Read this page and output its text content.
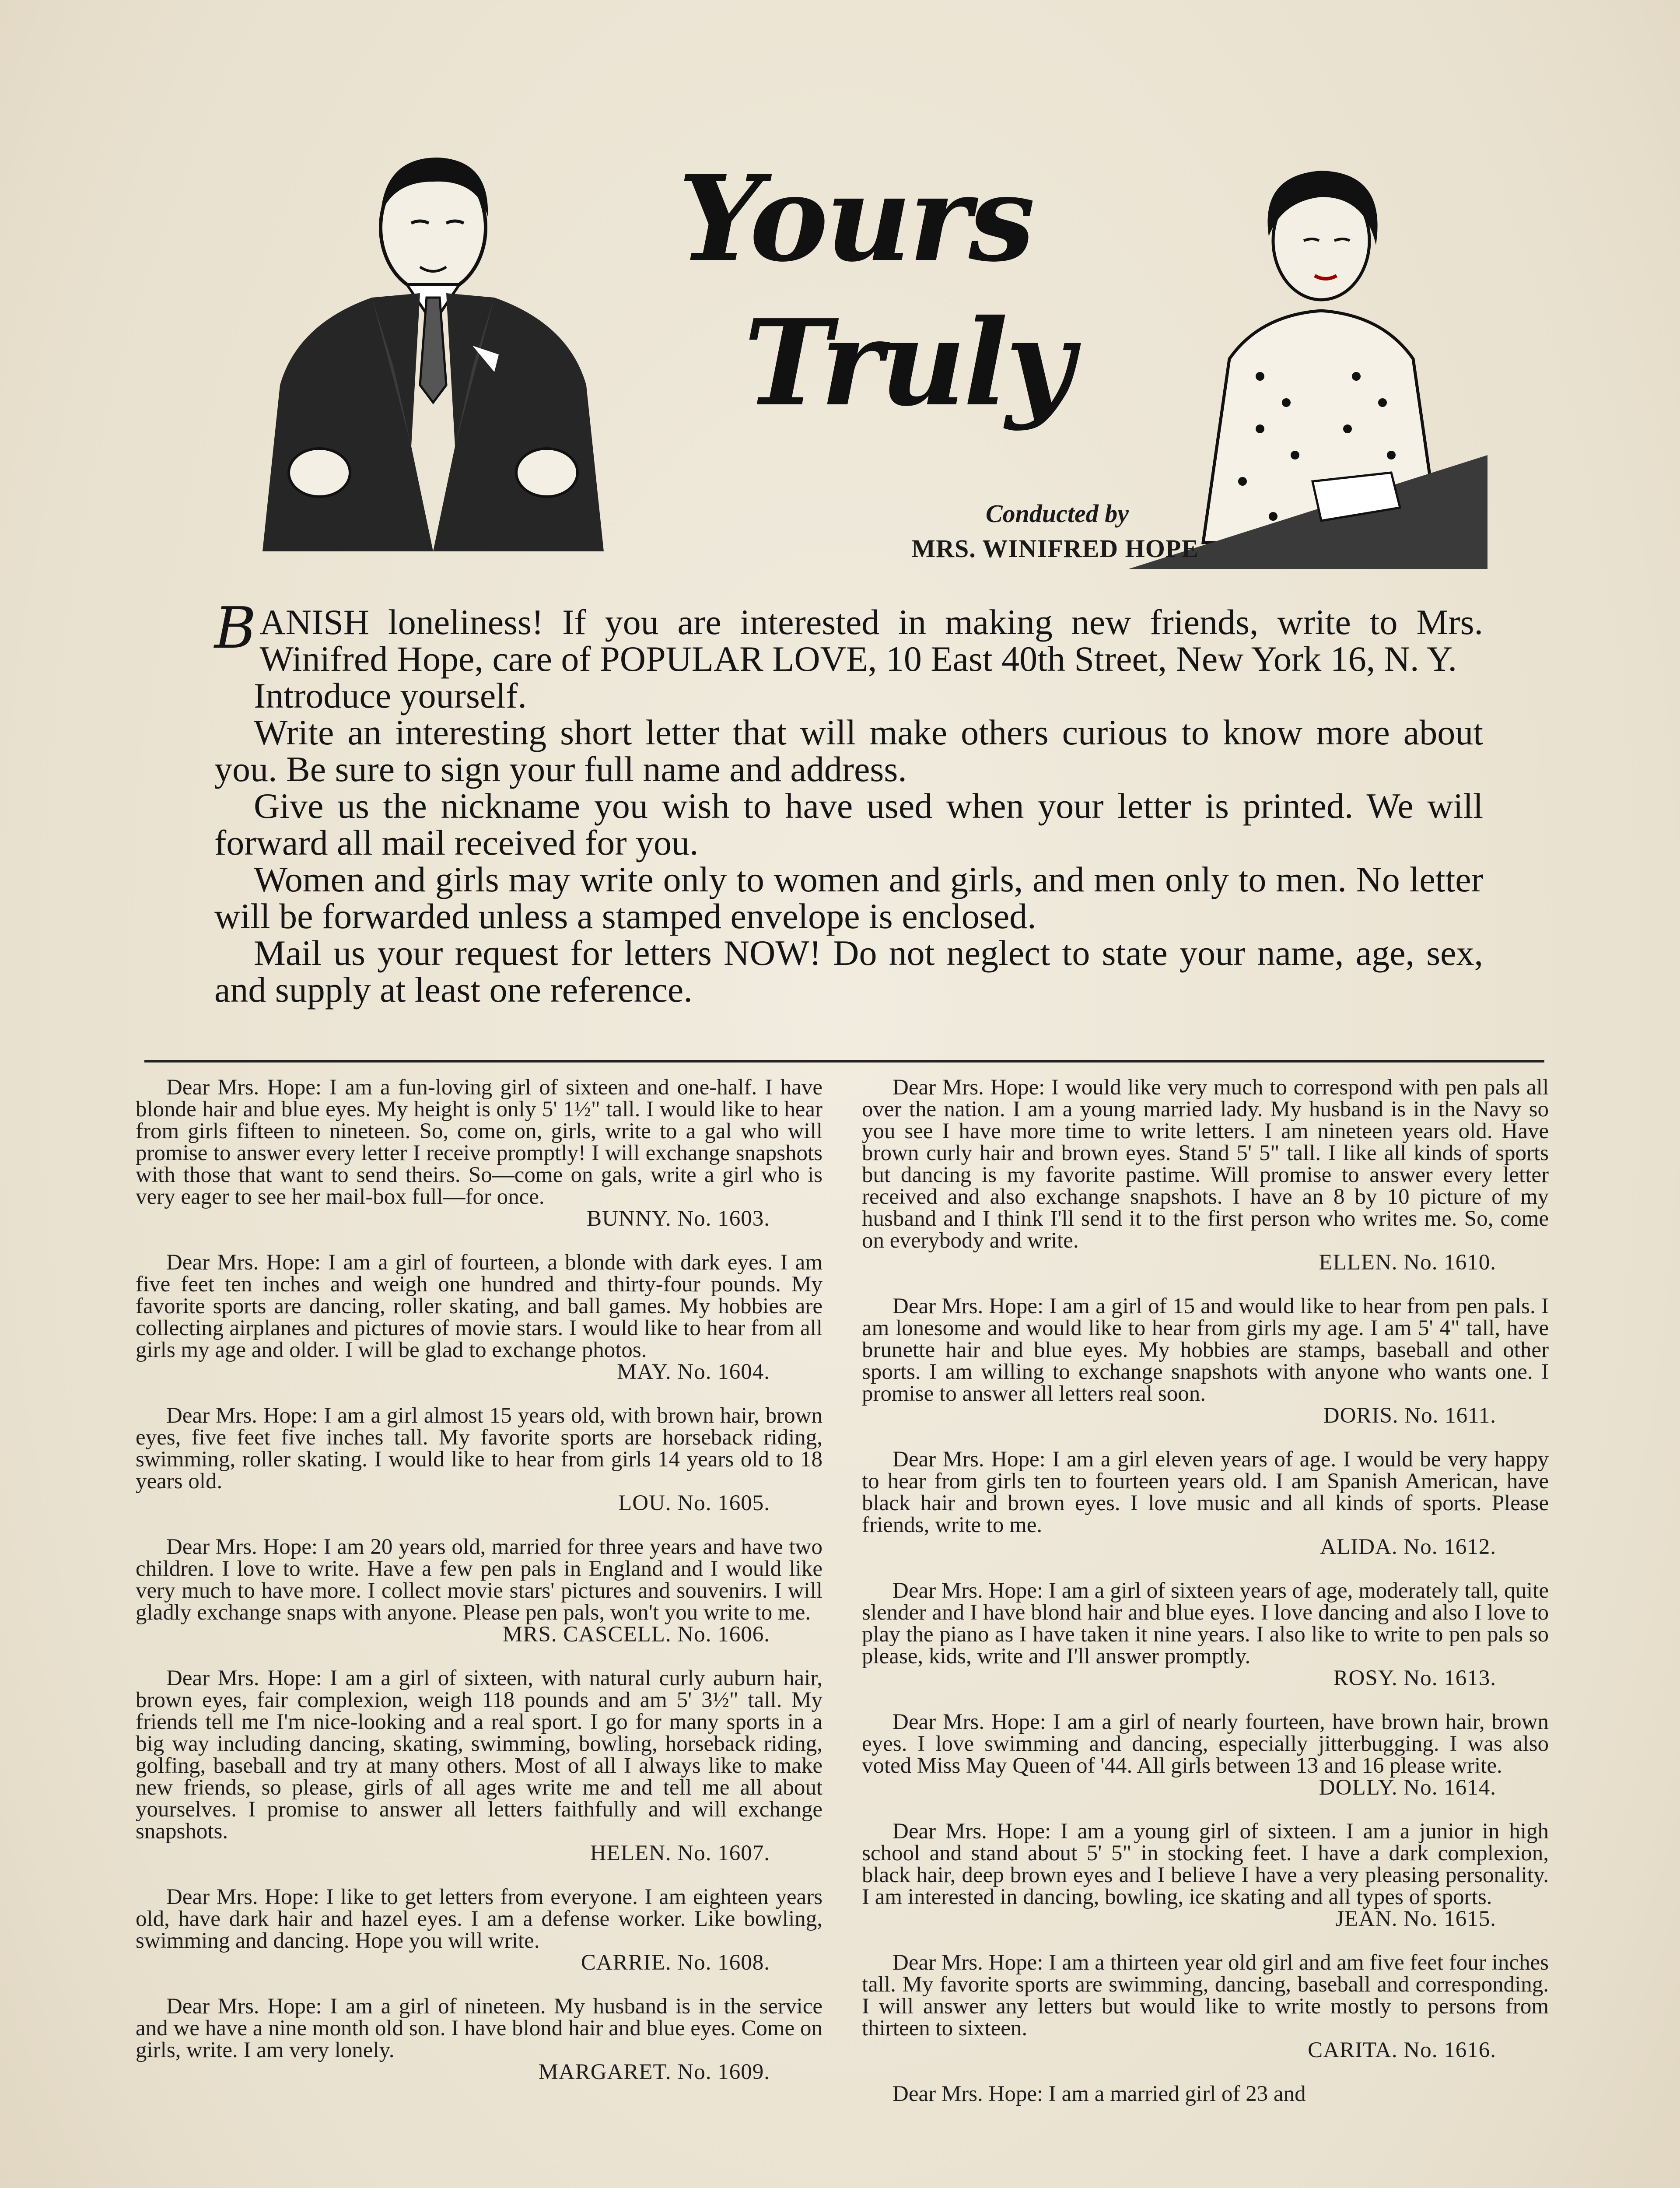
Yours
Truly
Conducted by
MRS. WINIFRED HOPE

BANISH loneliness! If you are interested in making new friends, write to Mrs. Winifred Hope, care of POPULAR LOVE, 10 East 40th Street, New York 16, N. Y.

Introduce yourself.

Write an interesting short letter that will make others curious to know more about you. Be sure to sign your full name and address.

Give us the nickname you wish to have used when your letter is printed. We will forward all mail received for you.

Women and girls may write only to women and girls, and men only to men. No letter will be forwarded unless a stamped envelope is enclosed.

Mail us your request for letters NOW! Do not neglect to state your name, age, sex, and supply at least one reference.

Dear Mrs. Hope: I am a fun-loving girl of sixteen and one-half. I have blonde hair and blue eyes. My height is only 5' 1½" tall. I would like to hear from girls fifteen to nineteen. So, come on, girls, write to a gal who will promise to answer every letter I receive promptly! I will exchange snapshots with those that want to send theirs. So—come on gals, write a girl who is very eager to see her mail-box full—for once.
BUNNY. No. 1603.
Dear Mrs. Hope: I am a girl of fourteen, a blonde with dark eyes. I am five feet ten inches and weigh one hundred and thirty-four pounds. My favorite sports are dancing, roller skating, and ball games. My hobbies are collecting airplanes and pictures of movie stars. I would like to hear from all girls my age and older. I will be glad to exchange photos.
MAY. No. 1604.
Dear Mrs. Hope: I am a girl almost 15 years old, with brown hair, brown eyes, five feet five inches tall. My favorite sports are horseback riding, swimming, roller skating. I would like to hear from girls 14 years old to 18 years old.
LOU. No. 1605.
Dear Mrs. Hope: I am 20 years old, married for three years and have two children. I love to write. Have a few pen pals in England and I would like very much to have more. I collect movie stars' pictures and souvenirs. I will gladly exchange snaps with anyone. Please pen pals, won't you write to me.
MRS. CASCELL. No. 1606.
Dear Mrs. Hope: I am a girl of sixteen, with natural curly auburn hair, brown eyes, fair complexion, weigh 118 pounds and am 5' 3½" tall. My friends tell me I'm nice-looking and a real sport. I go for many sports in a big way including dancing, skating, swimming, bowling, horseback riding, golfing, baseball and try at many others. Most of all I always like to make new friends, so please, girls of all ages write me and tell me all about yourselves. I promise to answer all letters faithfully and will exchange snapshots.
HELEN. No. 1607.
Dear Mrs. Hope: I like to get letters from everyone. I am eighteen years old, have dark hair and hazel eyes. I am a defense worker. Like bowling, swimming and dancing. Hope you will write.
CARRIE. No. 1608.
Dear Mrs. Hope: I am a girl of nineteen. My husband is in the service and we have a nine month old son. I have blond hair and blue eyes. Come on girls, write. I am very lonely.
MARGARET. No. 1609.
Dear Mrs. Hope: I would like very much to correspond with pen pals all over the nation. I am a young married lady. My husband is in the Navy so you see I have more time to write letters. I am nineteen years old. Have brown curly hair and brown eyes. Stand 5' 5" tall. I like all kinds of sports but dancing is my favorite pastime. Will promise to answer every letter received and also exchange snapshots. I have an 8 by 10 picture of my husband and I think I'll send it to the first person who writes me. So, come on everybody and write.
ELLEN. No. 1610.
Dear Mrs. Hope: I am a girl of 15 and would like to hear from pen pals. I am lonesome and would like to hear from girls my age. I am 5' 4" tall, have brunette hair and blue eyes. My hobbies are stamps, baseball and other sports. I am willing to exchange snapshots with anyone who wants one. I promise to answer all letters real soon.
DORIS. No. 1611.
Dear Mrs. Hope: I am a girl eleven years of age. I would be very happy to hear from girls ten to fourteen years old. I am Spanish American, have black hair and brown eyes. I love music and all kinds of sports. Please friends, write to me.
ALIDA. No. 1612.
Dear Mrs. Hope: I am a girl of sixteen years of age, moderately tall, quite slender and I have blond hair and blue eyes. I love dancing and also I love to play the piano as I have taken it nine years. I also like to write to pen pals so please, kids, write and I'll answer promptly.
ROSY. No. 1613.
Dear Mrs. Hope: I am a girl of nearly fourteen, have brown hair, brown eyes. I love swimming and dancing, especially jitterbugging. I was also voted Miss May Queen of '44. All girls between 13 and 16 please write.
DOLLY. No. 1614.
Dear Mrs. Hope: I am a young girl of sixteen. I am a junior in high school and stand about 5' 5" in stocking feet. I have a dark complexion, black hair, deep brown eyes and I believe I have a very pleasing personality. I am interested in dancing, bowling, ice skating and all types of sports.
JEAN. No. 1615.
Dear Mrs. Hope: I am a thirteen year old girl and am five feet four inches tall. My favorite sports are swimming, dancing, baseball and corresponding. I will answer any letters but would like to write mostly to persons from thirteen to sixteen.
CARITA. No. 1616.
Dear Mrs. Hope: I am a married girl of 23 and
